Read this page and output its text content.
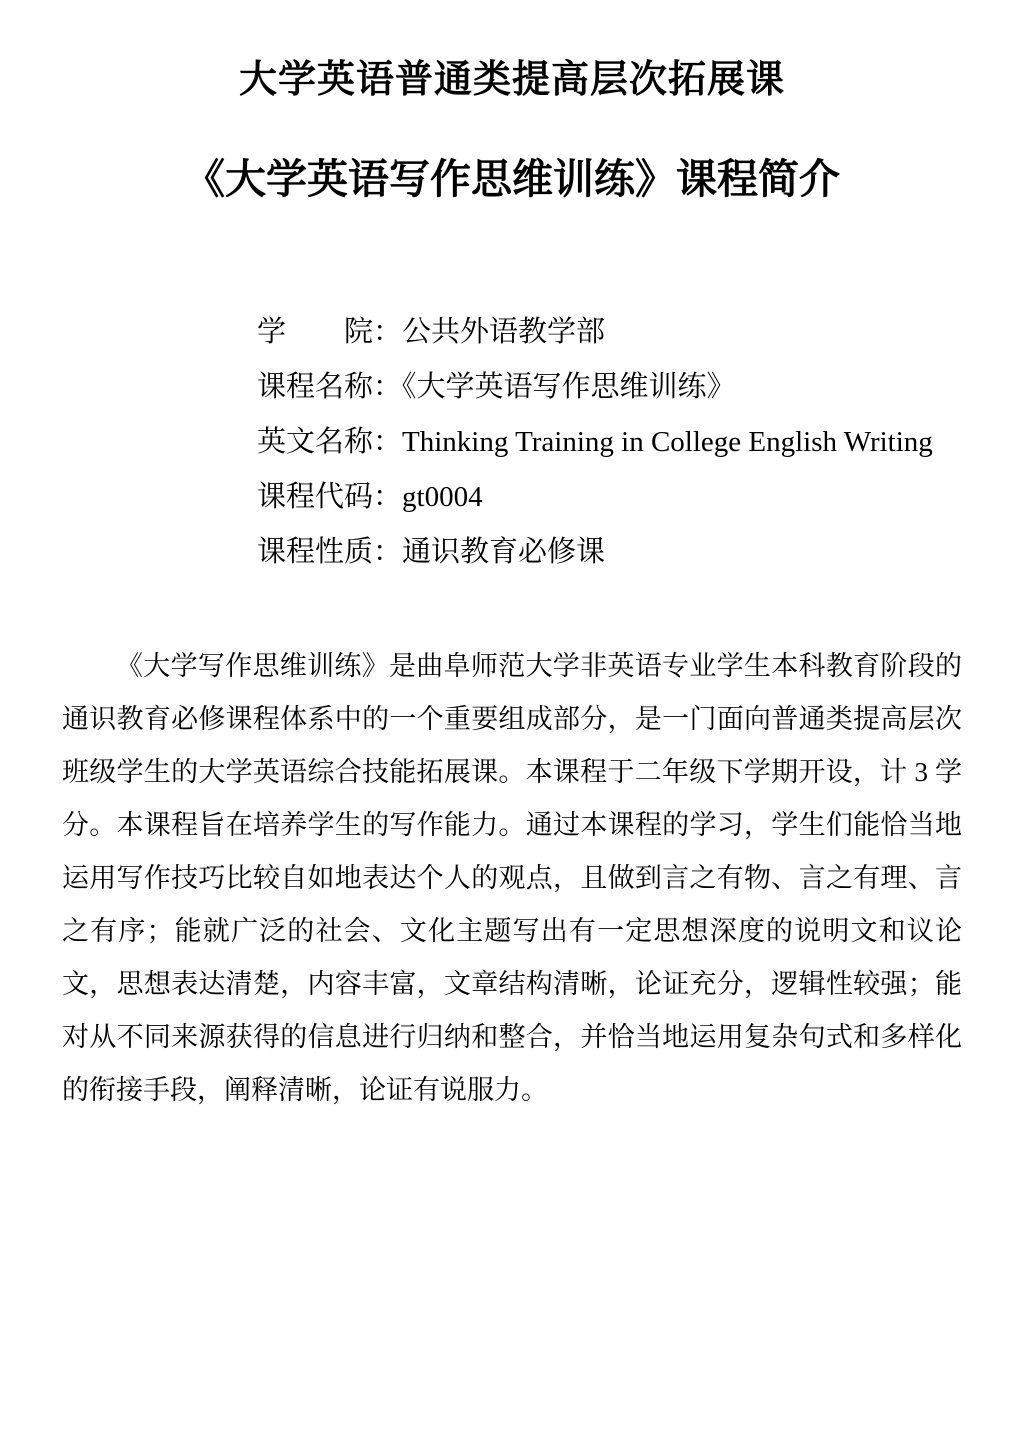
大学英语普通类提高层次拓展课
《大学英语写作思维训练》课程简介
学　　院：公共外语教学部
课程名称：《大学英语写作思维训练》
英文名称：Thinking Training in College English Writing
课程代码：gt0004
课程性质：通识教育必修课

《大学写作思维训练》是曲阜师范大学非英语专业学生本科教育阶段的通识教育必修课程体系中的一个重要组成部分，是一门面向普通类提高层次班级学生的大学英语综合技能拓展课。本课程于二年级下学期开设，计 3 学分。本课程旨在培养学生的写作能力。通过本课程的学习，学生们能恰当地运用写作技巧比较自如地表达个人的观点，且做到言之有物、言之有理、言之有序；能就广泛的社会、文化主题写出有一定思想深度的说明文和议论文，思想表达清楚，内容丰富，文章结构清晰，论证充分，逻辑性较强；能对从不同来源获得的信息进行归纳和整合，并恰当地运用复杂句式和多样化的衔接手段，阐释清晰，论证有说服力。
